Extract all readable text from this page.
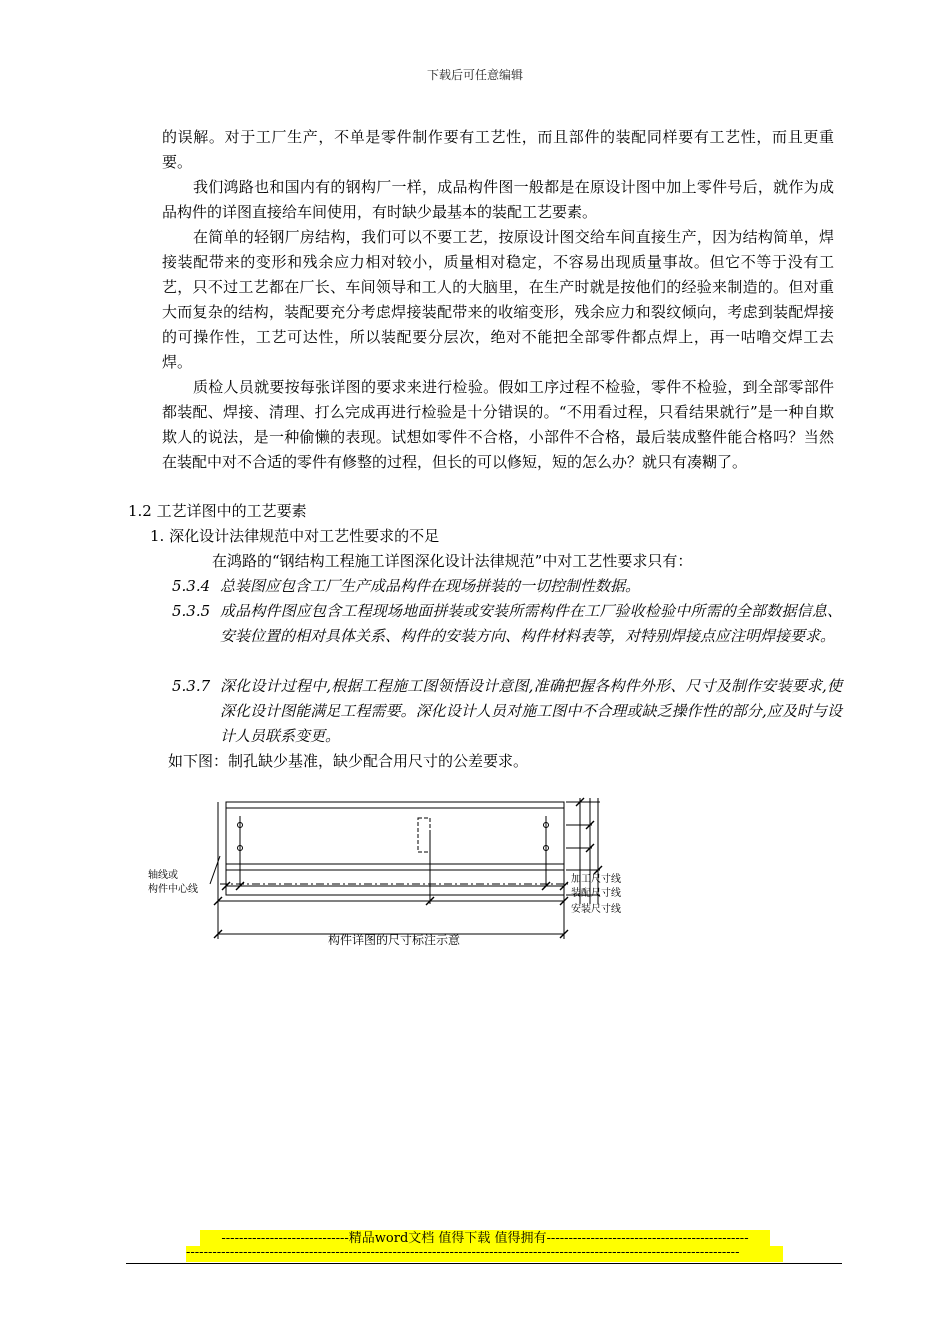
下载后可任意编辑

的误解。对于工厂生产，不单是零件制作要有工艺性，而且部件的装配同样要有工艺性，而且更重要。

我们鸿路也和国内有的钢构厂一样，成品构件图一般都是在原设计图中加上零件号后，就作为成品构件的详图直接给车间使用，有时缺少最基本的装配工艺要素。

在简单的轻钢厂房结构，我们可以不要工艺，按原设计图交给车间直接生产，因为结构简单，焊接装配带来的变形和残余应力相对较小，质量相对稳定，不容易出现质量事故。但它不等于没有工艺，只不过工艺都在厂长、车间领导和工人的大脑里，在生产时就是按他们的经验来制造的。但对重大而复杂的结构，装配要充分考虑焊接装配带来的收缩变形，残余应力和裂纹倾向，考虑到装配焊接的可操作性，工艺可达性，所以装配要分层次，绝对不能把全部零件都点焊上，再一咕噜交焊工去焊。

质检人员就要按每张详图的要求来进行检验。假如工序过程不检验，零件不检验，到全部零部件都装配、焊接、清理、打么完成再进行检验是十分错误的。“不用看过程，只看结果就行”是一种自欺欺人的说法，是一种偷懒的表现。试想如零件不合格，小部件不合格，最后装成整件能合格吗？当然在装配中对不合适的零件有修整的过程，但长的可以修短，短的怎么办？就只有凑糊了。

1.2 工艺详图中的工艺要素
1. 深化设计法律规范中对工艺性要求的不足
在鸿路的“钢结构工程施工详图深化设计法律规范”中对工艺性要求只有：
5.3.4 总装图应包含工厂生产成品构件在现场拼装的一切控制性数据。
5.3.5 成品构件图应包含工程现场地面拼装或安装所需构件在工厂验收检验中所需的全部数据信息、安装位置的相对具体关系、构件的安装方向、构件材料表等，对特别焊接点应注明焊接要求。
5.3.7 深化设计过程中,根据工程施工图领悟设计意图,准确把握各构件外形、尺寸及制作安装要求,使深化设计图能满足工程需要。深化设计人员对施工图中不合理或缺乏操作性的部分,应及时与设计人员联系变更。
如下图：制孔缺少基准，缺少配合用尺寸的公差要求。
轴线或
构件中心线
加工尺寸线
装配尺寸线
安装尺寸线
构件详图的尺寸标注示意
-----------------------------精品word文档 值得下载 值得拥有----------------------------------------------
------------------------------------------------------------------------------------------------------------------------------
